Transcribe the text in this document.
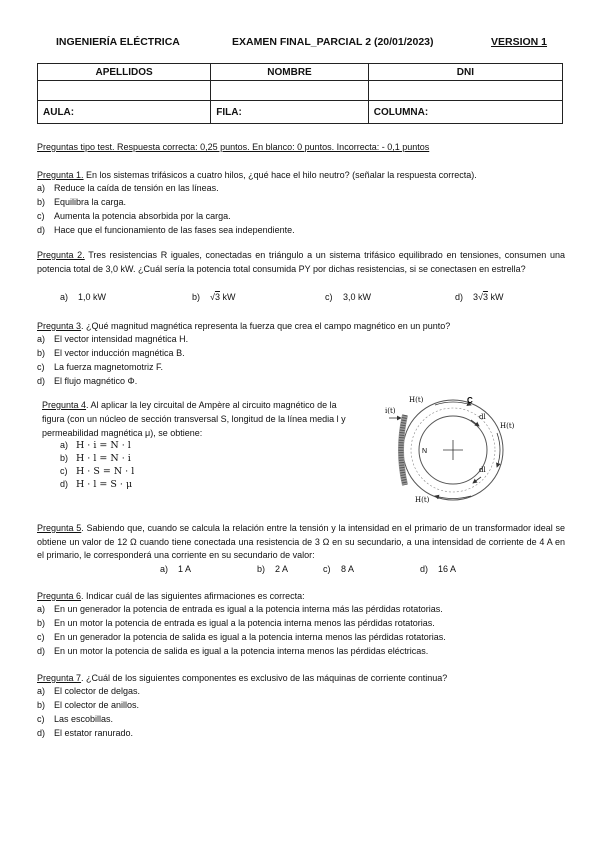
INGENIERÍA ELÉCTRICA	EXAMEN FINAL_PARCIAL 2 (20/01/2023)	VERSION 1
APELLIDOS	NOMBRE	DNI

AULA:	FILA:	COLUMNA:
Preguntas tipo test. Respuesta correcta: 0,25 puntos. En blanco: 0 puntos. Incorrecta: - 0,1 puntos
Pregunta 1. En los sistemas trifásicos a cuatro hilos, ¿qué hace el hilo neutro? (señalar la respuesta correcta).
a) Reduce la caída de tensión en las líneas.
b) Equilibra la carga.
c) Aumenta la potencia absorbida por la carga.
d) Hace que el funcionamiento de las fases sea independiente.
Pregunta 2. Tres resistencias R iguales, conectadas en triángulo a un sistema trifásico equilibrado en tensiones, consumen una potencia total de 3,0 kW. ¿Cuál sería la potencia total consumida PY por dichas resistencias, si se conectasen en estrella?
a) 1,0 kW	b) √3 kW	c) 3,0 kW	d) 3√3 kW
Pregunta 3. ¿Qué magnitud magnética representa la fuerza que crea el campo magnético en un punto?
a) El vector intensidad magnética H.
b) El vector inducción magnética B.
c) La fuerza magnetomotriz F.
d) El flujo magnético Φ.
Pregunta 4. Al aplicar la ley circuital de Ampère al circuito magnético de la figura (con un núcleo de sección transversal S, longitud de la línea media l y permeabilidad magnética μ), se obtiene:
a) H · i = N · l
b) H · l = N · i
c) H · S = N · l
d) H · l = S · μ
H(t)
H(t)
H(t)
C
i(t)
N
dl
dl
Pregunta 5. Sabiendo que, cuando se calcula la relación entre la tensión y la intensidad en el primario de un transformador ideal se obtiene un valor de 12 Ω cuando tiene conectada una resistencia de 3 Ω en su secundario, a una intensidad de corriente de 4 A en el primario, le corresponderá una corriente en su secundario de valor:
a) 1 A	b) 2 A	c) 8 A	d) 16 A
Pregunta 6. Indicar cuál de las siguientes afirmaciones es correcta:
a) En un generador la potencia de entrada es igual a la potencia interna más las pérdidas rotatorias.
b) En un motor la potencia de entrada es igual a la potencia interna menos las pérdidas rotatorias.
c) En un generador la potencia de salida es igual a la potencia interna menos las pérdidas rotatorias.
d) En un motor la potencia de salida es igual a la potencia interna menos las pérdidas eléctricas.
Pregunta 7. ¿Cuál de los siguientes componentes es exclusivo de las máquinas de corriente continua?
a) El colector de delgas.
b) El colector de anillos.
c) Las escobillas.
d) El estator ranurado.
